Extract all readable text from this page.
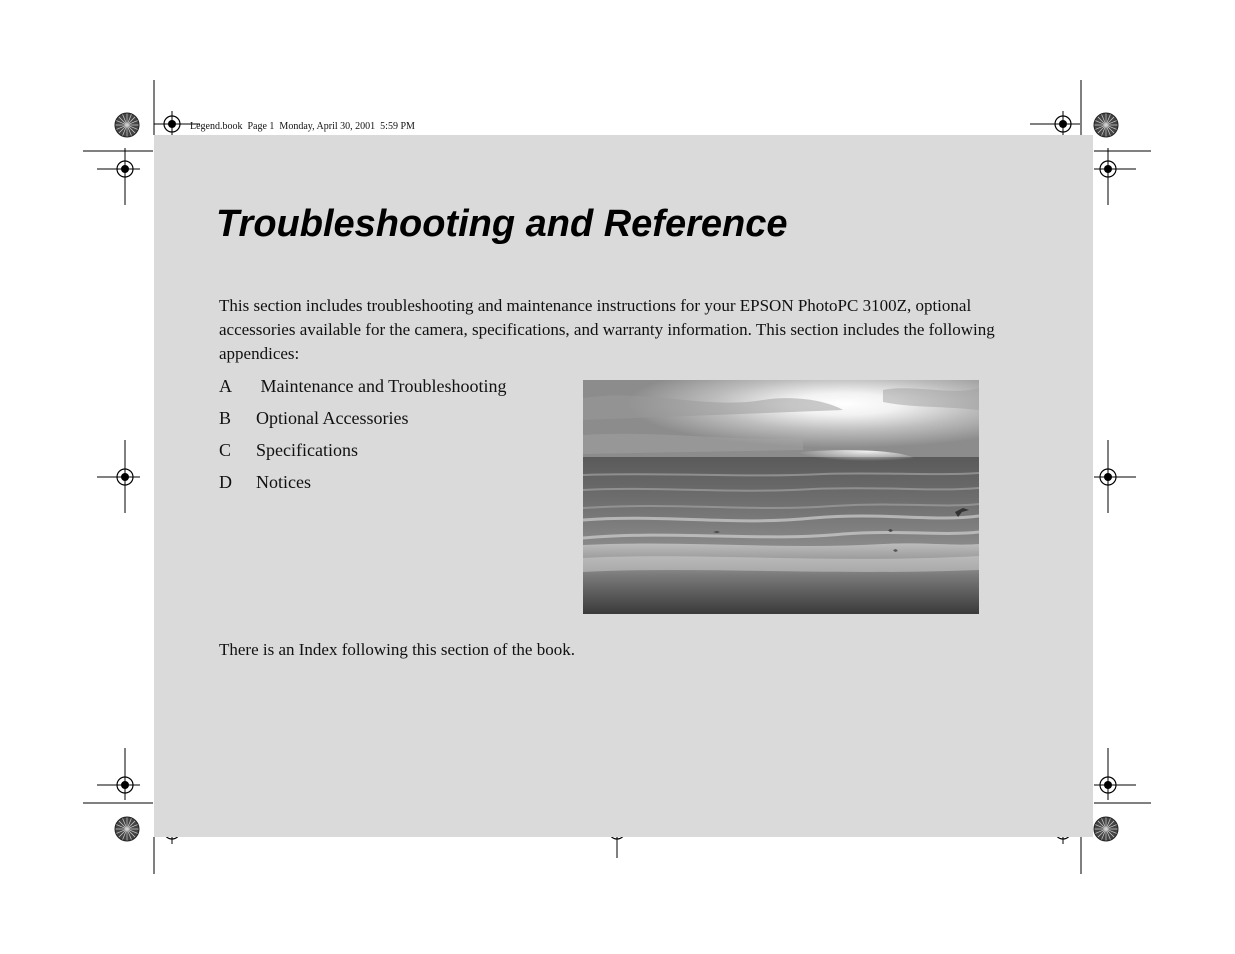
Legend.book  Page 1  Monday, April 30, 2001  5:59 PM
Troubleshooting and Reference

This section includes troubleshooting and maintenance instructions for your EPSON PhotoPC 3100Z, optional accessories available for the camera, specifications, and warranty information. This section includes the following appendices:

A Maintenance and Troubleshooting
B Optional Accessories
C Specifications
D Notices

There is an Index following this section of the book.
